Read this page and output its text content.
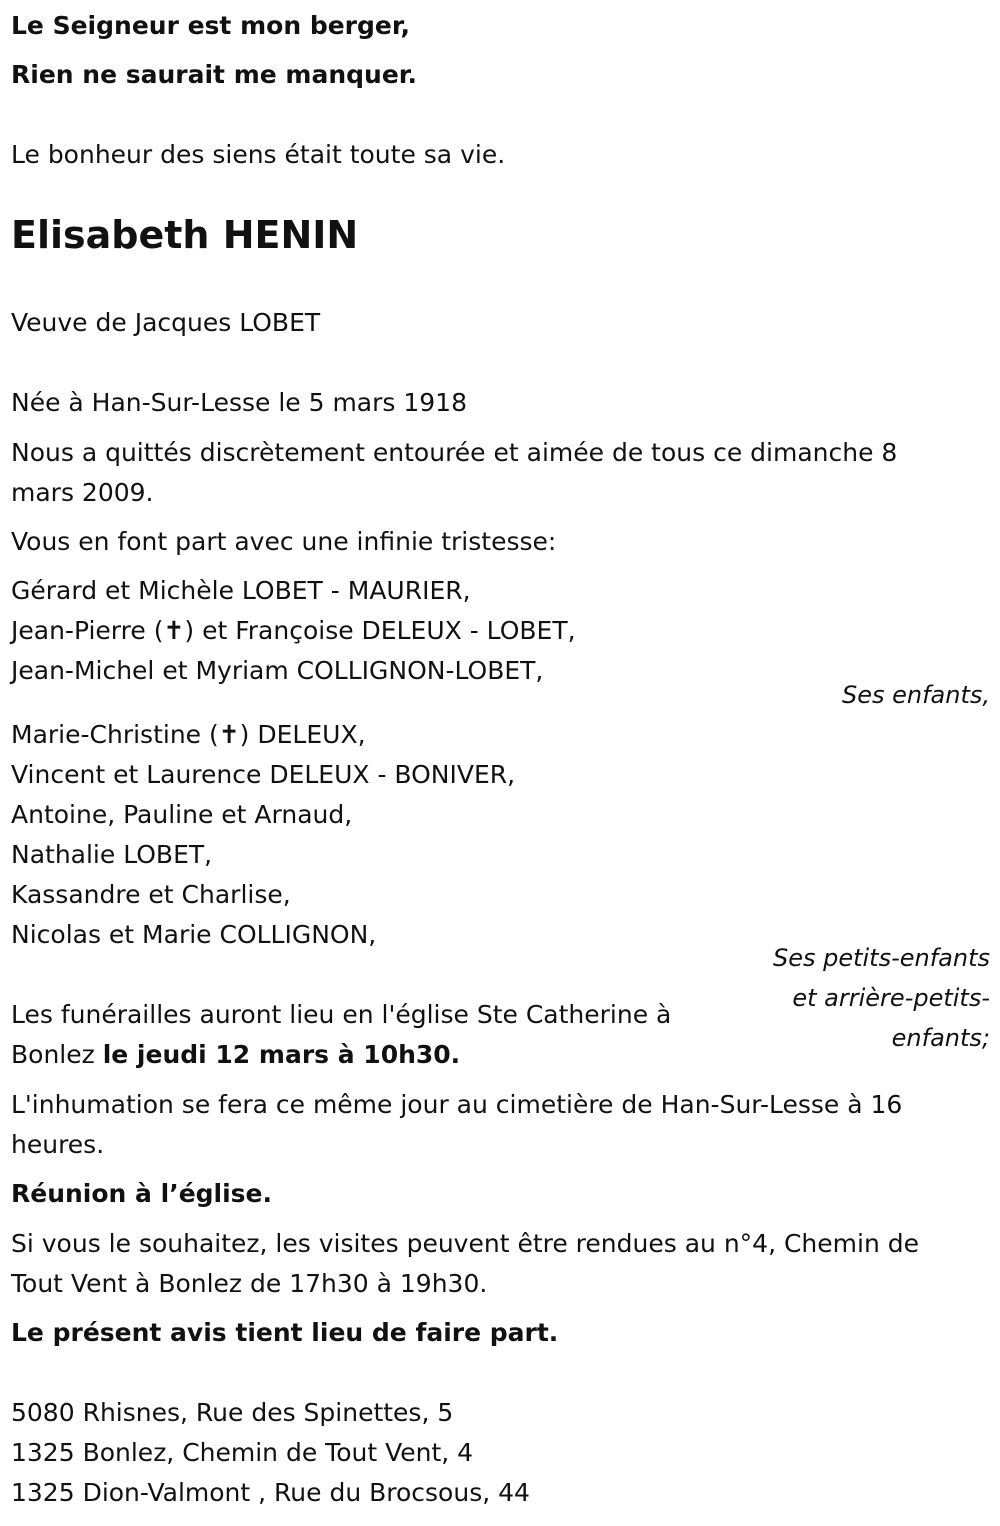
Le Seigneur est mon berger,
Rien ne saurait me manquer.
Le bonheur des siens était toute sa vie.
Elisabeth HENIN
Veuve de Jacques LOBET
Née à Han-Sur-Lesse le 5 mars 1918
Nous a quittés discrètement entourée et aimée de tous ce dimanche 8
mars 2009.
Vous en font part avec une infinie tristesse:
Gérard et Michèle LOBET - MAURIER,
Jean-Pierre (✝) et Françoise DELEUX - LOBET,
Jean-Michel et Myriam COLLIGNON-LOBET,
Ses enfants,
Marie-Christine (✝) DELEUX,
Vincent et Laurence DELEUX - BONIVER,
Antoine, Pauline et Arnaud,
Nathalie LOBET,
Kassandre et Charlise,
Nicolas et Marie COLLIGNON,
Ses petits-enfants
et arrière-petits-
enfants;
Les funérailles auront lieu en l'église Ste Catherine à
Bonlez le jeudi 12 mars à 10h30.
L'inhumation se fera ce même jour au cimetière de Han-Sur-Lesse à 16
heures.
Réunion à l’église.
Si vous le souhaitez, les visites peuvent être rendues au n°4, Chemin de
Tout Vent à Bonlez de 17h30 à 19h30.
Le présent avis tient lieu de faire part.
5080 Rhisnes, Rue des Spinettes, 5
1325 Bonlez, Chemin de Tout Vent, 4
1325 Dion-Valmont , Rue du Brocsous, 44
